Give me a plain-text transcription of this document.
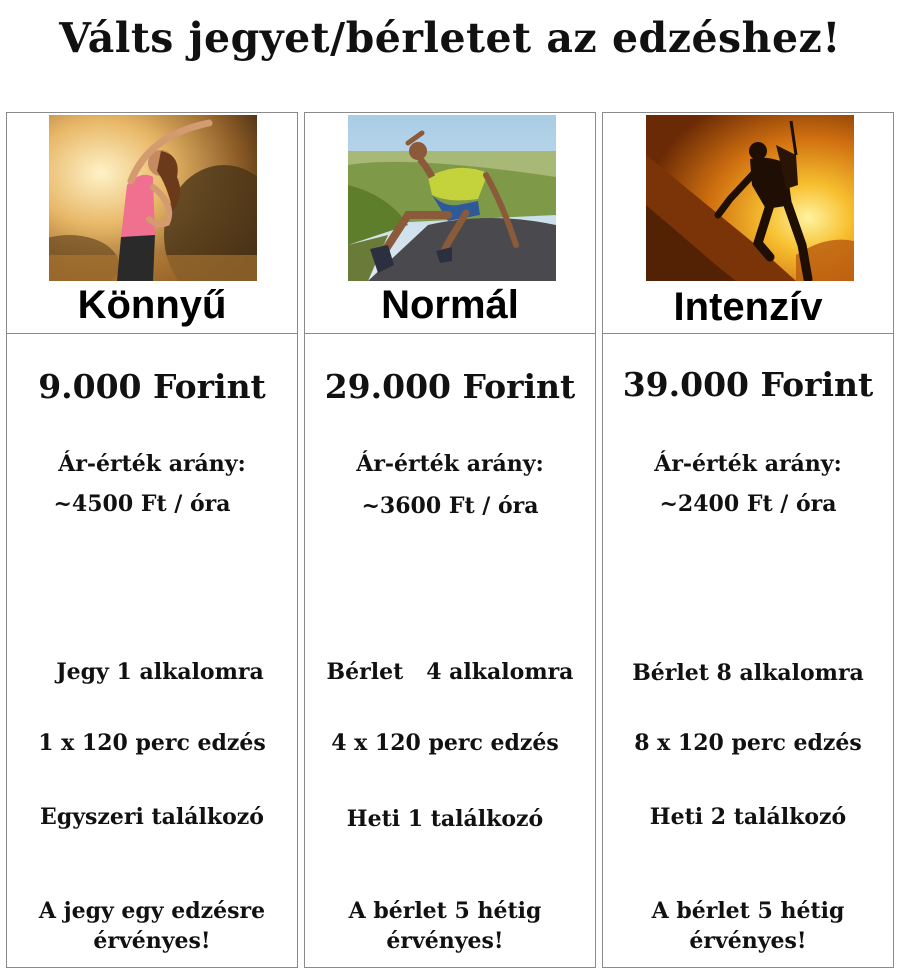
Válts jegyet/bérletet az edzéshez!
Könnyű
9.000 Forint
Ár-érték arány:
~4500 Ft / óra
Jegy 1 alkalomra
1 x 120 perc edzés
Egyszeri találkozó
A jegy egy edzésre
érvényes!
Normál
29.000 Forint
Ár-érték arány:
~3600 Ft / óra
Bérlet   4 alkalomra
4 x 120 perc edzés
Heti 1 találkozó
A bérlet 5 hétig
érvényes!
Intenzív
39.000 Forint
Ár-érték arány:
~2400 Ft / óra
Bérlet 8 alkalomra
8 x 120 perc edzés
Heti 2 találkozó
A bérlet 5 hétig
érvényes!
